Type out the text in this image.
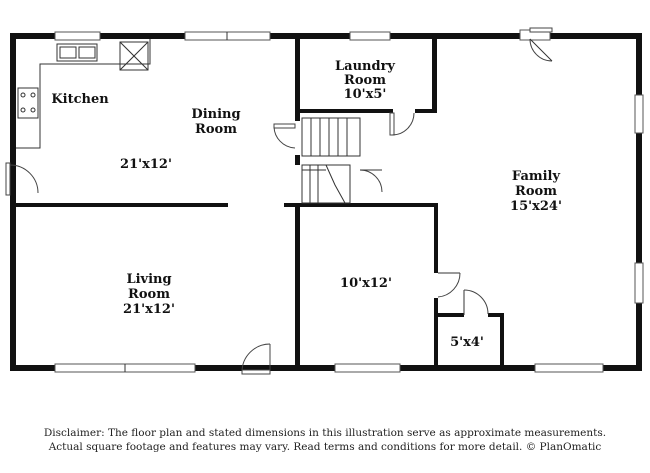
Kitchen
Dining
Room
21'x12'
Laundry
Room
10'x5'
Family
Room
15'x24'
Living
Room
21'x12'
10'x12'
5'x4'
Disclaimer: The floor plan and stated dimensions in this illustration serve as approximate measurements.
Actual square footage and features may vary. Read terms and conditions for more detail. © PlanOmatic
